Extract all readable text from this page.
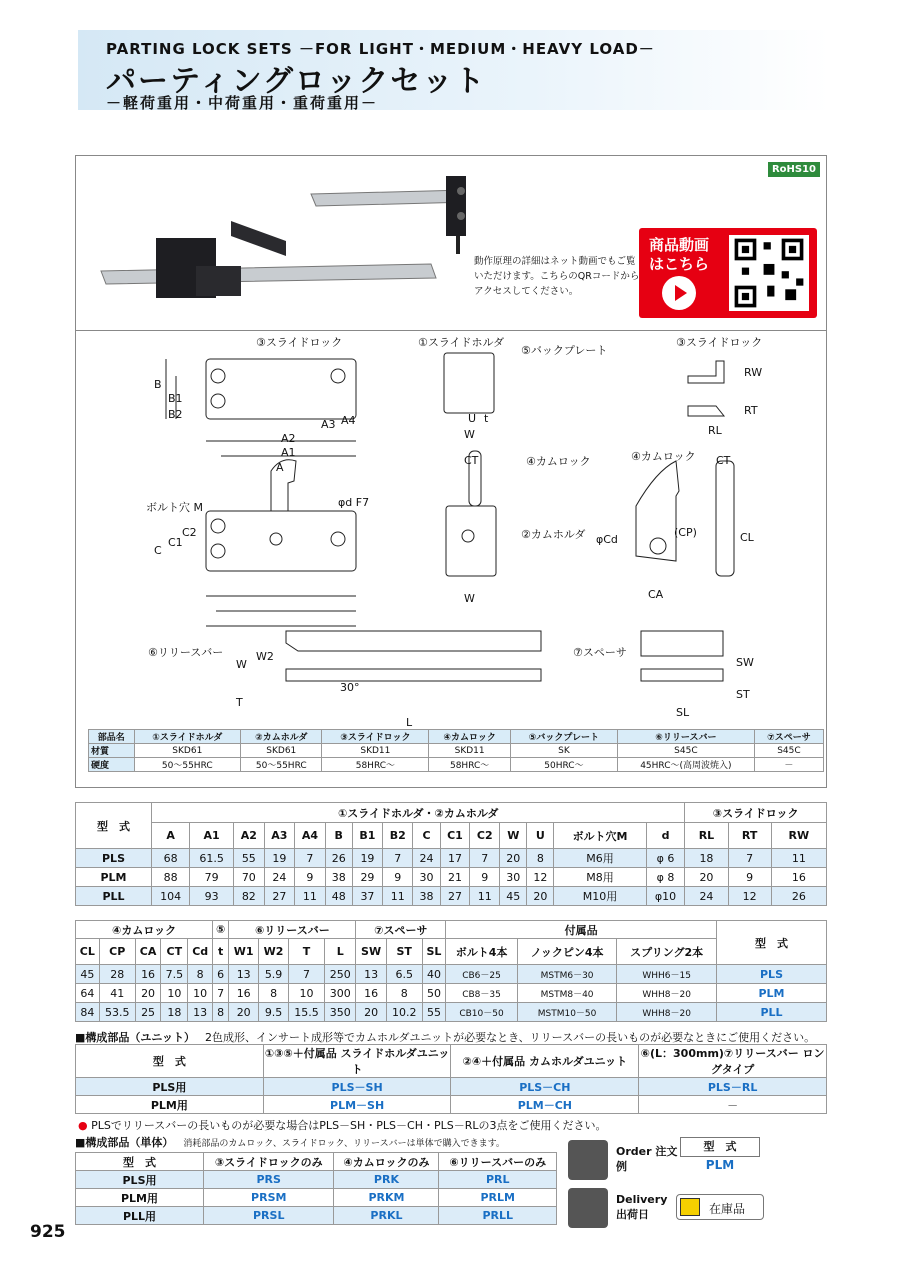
PARTING LOCK SETS －FOR LIGHT・MEDIUM・HEAVY LOAD－
パーティングロックセット
－軽荷重用・中荷重用・重荷重用－
RoHS10
動作原理の詳細はネット動画でもご覧いただけます。こちらのQRコードからアクセスしてください。
商品動画はこちら
③スライドロック	①スライドホルダ
⑤バックプレート
③スライドロック
④カムロック	④カムロック
②カムホルダ
ボルト穴 M	φd F7
φCd
⑥リリースバー	⑦スペーサ
30°
B
B1
B2
A3 A4
A2
A1
A
U t
W
RW
RT
RL
CT	CT
C
C1
C2	(CP)	CL
CA
W
SW
ST
SL
W
W2
T
L
部品名	①スライドホルダ	②カムホルダ	③スライドロック	④カムロック	⑤バックプレート	⑥リリースバー	⑦スペーサ
材質	SKD61	SKD61	SKD11	SKD11	SK	S45C	S45C
硬度	50～55HRC	50～55HRC	58HRC～	58HRC～	50HRC～	45HRC～(高周波焼入)	－
型　式	①スライドホルダ・②カムホルダ															③スライドロック		
	A	A1	A2	A3	A4	B	B1	B2	C	C1	C2	W	U	ボルト穴M	d	RL	RT	RW
PLS	68	61.5	55	19	7	26	19	7	24	17	7	20	8	M6用	φ 6	18	7	11
PLM	88	79	70	24	9	38	29	9	30	21	9	30	12	M8用	φ 8	20	9	16
PLL	104	93	82	27	11	48	37	11	38	27	11	45	20	M10用	φ10	24	12	26
④カムロック					⑤	⑥リリースバー				⑦スペーサ			付属品			型　式
CL	CP	CA	CT	Cd	t	W1	W2	T	L	SW	ST	SL	ボルト4本	ノックピン4本	スプリング2本	
45	28	16	7.5	8	6	13	5.9	7	250	13	6.5	40	CB6－25	MSTM6－30	WHH6－15	PLS
64	41	20	10	10	7	16	8	10	300	16	8	50	CB8－35	MSTM8－40	WHH8－20	PLM
84	53.5	25	18	13	8	20	9.5	15.5	350	20	10.2	55	CB10－50	MSTM10－50	WHH8－20	PLL
■構成部品（ユニット） 2色成形、インサート成形等でカムホルダユニットが必要なとき、リリースバーの長いものが必要なときにご使用ください。
型　式	①③⑤＋付属品 スライドホルダユニット	②④＋付属品 カムホルダユニット	⑥(L：300mm)⑦リリースバー ロングタイプ
PLS用	PLS－SH	PLS－CH	PLS－RL
PLM用	PLM－SH	PLM－CH	－
● PLSでリリースバーの長いものが必要な場合はPLS－SH・PLS－CH・PLS－RLの3点をご使用ください。
■構成部品（単体） 消耗部品のカムロック、スライドロック、リリースバーは単体で購入できます。
型　式	③スライドロックのみ	④カムロックのみ	⑥リリースバーのみ
PLS用	PRS	PRK	PRL
PLM用	PRSM	PRKM	PRLM
PLL用	PRSL	PRKL	PRLL
Order 注文例
型　式
PLM
Delivery 出荷日	在庫品
925
